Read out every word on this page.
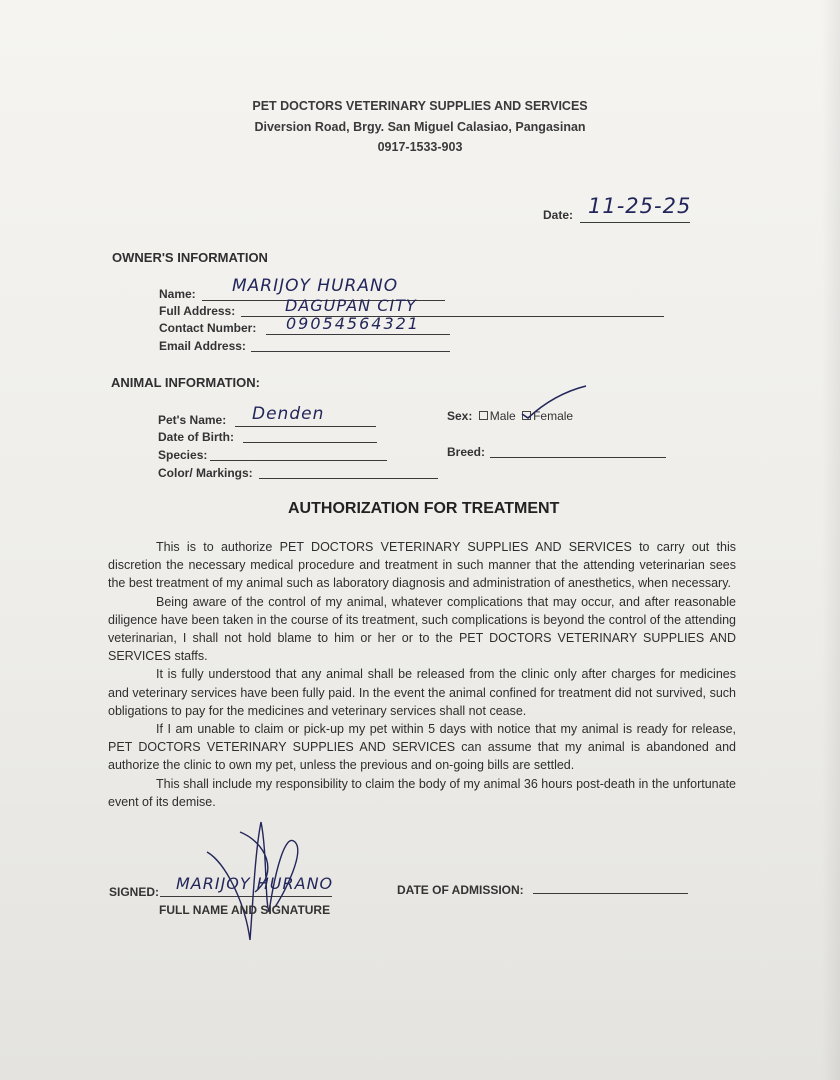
PET DOCTORS VETERINARY SUPPLIES AND SERVICES
Diversion Road, Brgy. San Miguel Calasiao, Pangasinan
0917-1533-903
Date: 11-25-25
OWNER'S INFORMATION
Name: MARIJOY HURANO
Full Address:	DAGUPAN CITY
Contact Number: 09054564321
Email Address:
ANIMAL INFORMATION:
Pet's Name: Denden	Sex: Male Female
Date of Birth:
Species:	Breed:
Color/ Markings:
AUTHORIZATION FOR TREATMENT

This is to authorize PET DOCTORS VETERINARY SUPPLIES AND SERVICES to carry out this discretion the necessary medical procedure and treatment in such manner that the attending veterinarian sees the best treatment of my animal such as laboratory diagnosis and administration of anesthetics, when necessary.

Being aware of the control of my animal, whatever complications that may occur, and after reasonable diligence have been taken in the course of its treatment, such complications is beyond the control of the attending veterinarian, I shall not hold blame to him or her or to the PET DOCTORS VETERINARY SUPPLIES AND SERVICES staffs.

It is fully understood that any animal shall be released from the clinic only after charges for medicines and veterinary services have been fully paid. In the event the animal confined for treatment did not survived, such obligations to pay for the medicines and veterinary services shall not cease.

If I am unable to claim or pick-up my pet within 5 days with notice that my animal is ready for release, PET DOCTORS VETERINARY SUPPLIES AND SERVICES can assume that my animal is abandoned and authorize the clinic to own my pet, unless the previous and on-going bills are settled.

This shall include my responsibility to claim the body of my animal 36 hours post-death in the unfortunate event of its demise.

SIGNED: MARIJOY HURANO
FULL NAME AND SIGNATURE
DATE OF ADMISSION:
